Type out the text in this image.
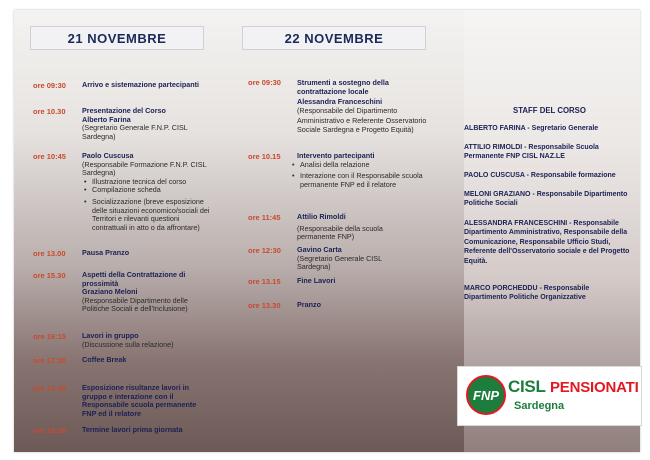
21 NOVEMBRE	22 NOVEMBRE
ore 09:30 Arrivo e sistemazione partecipanti
ore 10.30 Presentazione del Corso
Alberto Farina
(Segretario Generale F.N.P. CISL Sardegna)
ore 10:45 Paolo Cuscusa
(Responsabile Formazione F.N.P. CISL Sardegna)
• Illustrazione tecnica del corso
• Compilazione scheda
• Socializzazione (breve esposizione delle situazioni economico/sociali dei Territori e rilevanti questioni contrattuali in atto o da affrontare)
ore 13.00 Pausa Pranzo
ore 15.30 Aspetti della Contrattazione di prossimità
Graziano Meloni
(Responsabile Dipartimento delle Politiche Sociali e dell'Inclusione)
ore 16:15 Lavori in gruppo
(Discussione sulla relazione)
ore 17:30 Coffee Break
ore 17:40 Esposizione risultanze lavori in gruppo e interazione con il Responsabile scuola permanente FNP ed il relatore
ore 19:30 Termine lavori prima giornata
ore 09:30 Strumenti a sostegno della contrattazione locale
Alessandra Franceschini
(Responsabile del Dipartimento Amministrativo e Referente Osservatorio Sociale Sardegna e Progetto Equità)
ore 10.15	Intervento partecipanti
• Analisi della relazione
• Interazione con il Responsabile scuola permanente FNP ed il relatore
ore 11:45 Attilio Rimoldi
(Responsabile della scuola permanente FNP)
ore 12:30 Gavino Carta
(Segretario Generale CISL Sardegna)
ore 13.15 Fine Lavori
ore 13.30 Pranzo
STAFF DEL CORSO
ALBERTO FARINA - Segretario Generale
ATTILIO RIMOLDI - Responsabile Scuola Permanente FNP CISL NAZ.LE
PAOLO CUSCUSA - Responsabile formazione
MELONI GRAZIANO - Responsabile Dipartimento Politiche Sociali
ALESSANDRA FRANCESCHINI - Responsabile Dipartimento Amministrativo, Responsabile della Comunicazione, Responsabile Ufficio Studi, Referente dell'Osservatorio sociale e del Progetto Equità.
MARCO PORCHEDDU - Responsabile Dipartimento Politiche Organizzative
FNP CISL PENSIONATI
Sardegna
